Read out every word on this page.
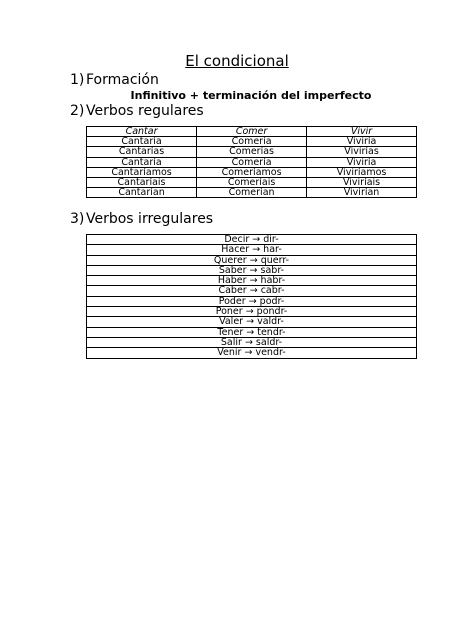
El condicional
1) Formación
Infinitivo + terminación del imperfecto
2) Verbos regulares
Cantar	Comer	Vivir
Cantaría	Comería	Viviría
Cantarías	Comerías	Vivirías
Cantaría	Comería	Viviría
Cantaríamos	Comeríamos	Viviríamos
Cantaríais	Comeríais	Viviríais
Cantarían	Comerían	Vivirían
3) Verbos irregulares
Decir → dir-
Hacer → har-
Querer → querr-
Saber → sabr-
Haber → habr-
Caber → cabr-
Poder → podr-
Poner → pondr-
Valer → valdr-
Tener → tendr-
Salir → saldr-
Venir → vendr-
